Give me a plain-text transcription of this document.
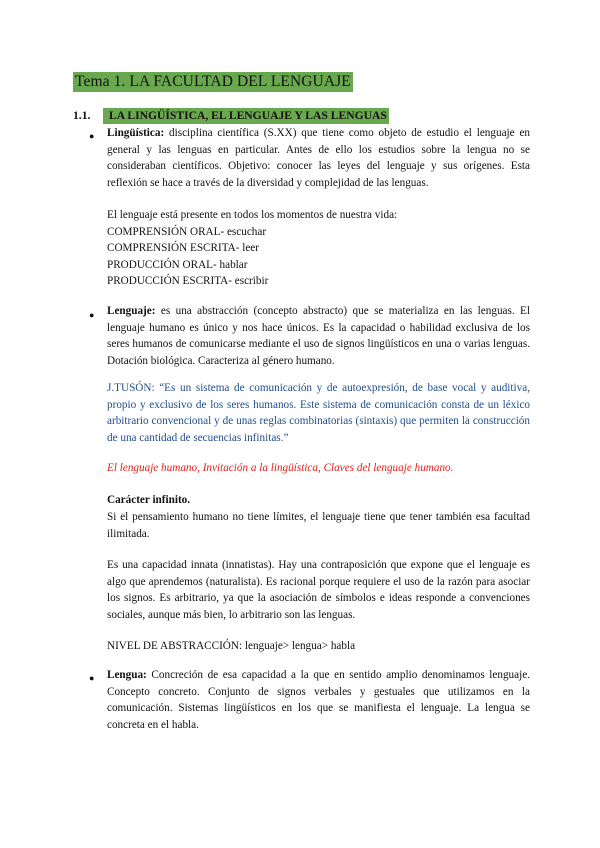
Tema 1. LA FACULTAD DEL LENGUAJE
1.1. LA LINGÜÍSTICA, EL LENGUAJE Y LAS LENGUAS
● Lingüística: disciplina científica (S.XX) que tiene como objeto de estudio el lenguaje en general y las lenguas en particular. Antes de ello los estudios sobre la lengua no se consideraban científicos. Objetivo: conocer las leyes del lenguaje y sus orígenes. Esta reflexión se hace a través de la diversidad y complejidad de las lenguas.

El lenguaje está presente en todos los momentos de nuestra vida:
COMPRENSIÓN ORAL- escuchar
COMPRENSIÓN ESCRITA- leer
PRODUCCIÓN ORAL- hablar
PRODUCCIÓN ESCRITA- escribir
● Lenguaje: es una abstracción (concepto abstracto) que se materializa en las lenguas. El lenguaje humano es único y nos hace únicos. Es la capacidad o habilidad exclusiva de los seres humanos de comunicarse mediante el uso de signos lingüísticos en una o varias lenguas. Dotación biológica. Caracteriza al género humano.

J.TUSÓN: “Es un sistema de comunicación y de autoexpresión, de base vocal y auditiva, propio y exclusivo de los seres humanos. Este sistema de comunicación consta de un léxico arbitrario convencional y de unas reglas combinatorias (sintaxis) que permiten la construcción de una cantidad de secuencias infinitas.”

El lenguaje humano, Invitación a la lingüística, Claves del lenguaje humano.

Carácter infinito.

Si el pensamiento humano no tiene límites, el lenguaje tiene que tener también esa facultad ilimitada.

Es una capacidad innata (innatistas). Hay una contraposición que expone que el lenguaje es algo que aprendemos (naturalista). Es racional porque requiere el uso de la razón para asociar los signos. Es arbitrario, ya que la asociación de símbolos e ideas responde a convenciones sociales, aunque más bien, lo arbitrario son las lenguas.

NIVEL DE ABSTRACCIÓN: lenguaje> lengua> habla
● Lengua: Concreción de esa capacidad a la que en sentido amplio denominamos lenguaje. Concepto concreto. Conjunto de signos verbales y gestuales que utilizamos en la comunicación. Sistemas lingüísticos en los que se manifiesta el lenguaje. La lengua se concreta en el habla.
